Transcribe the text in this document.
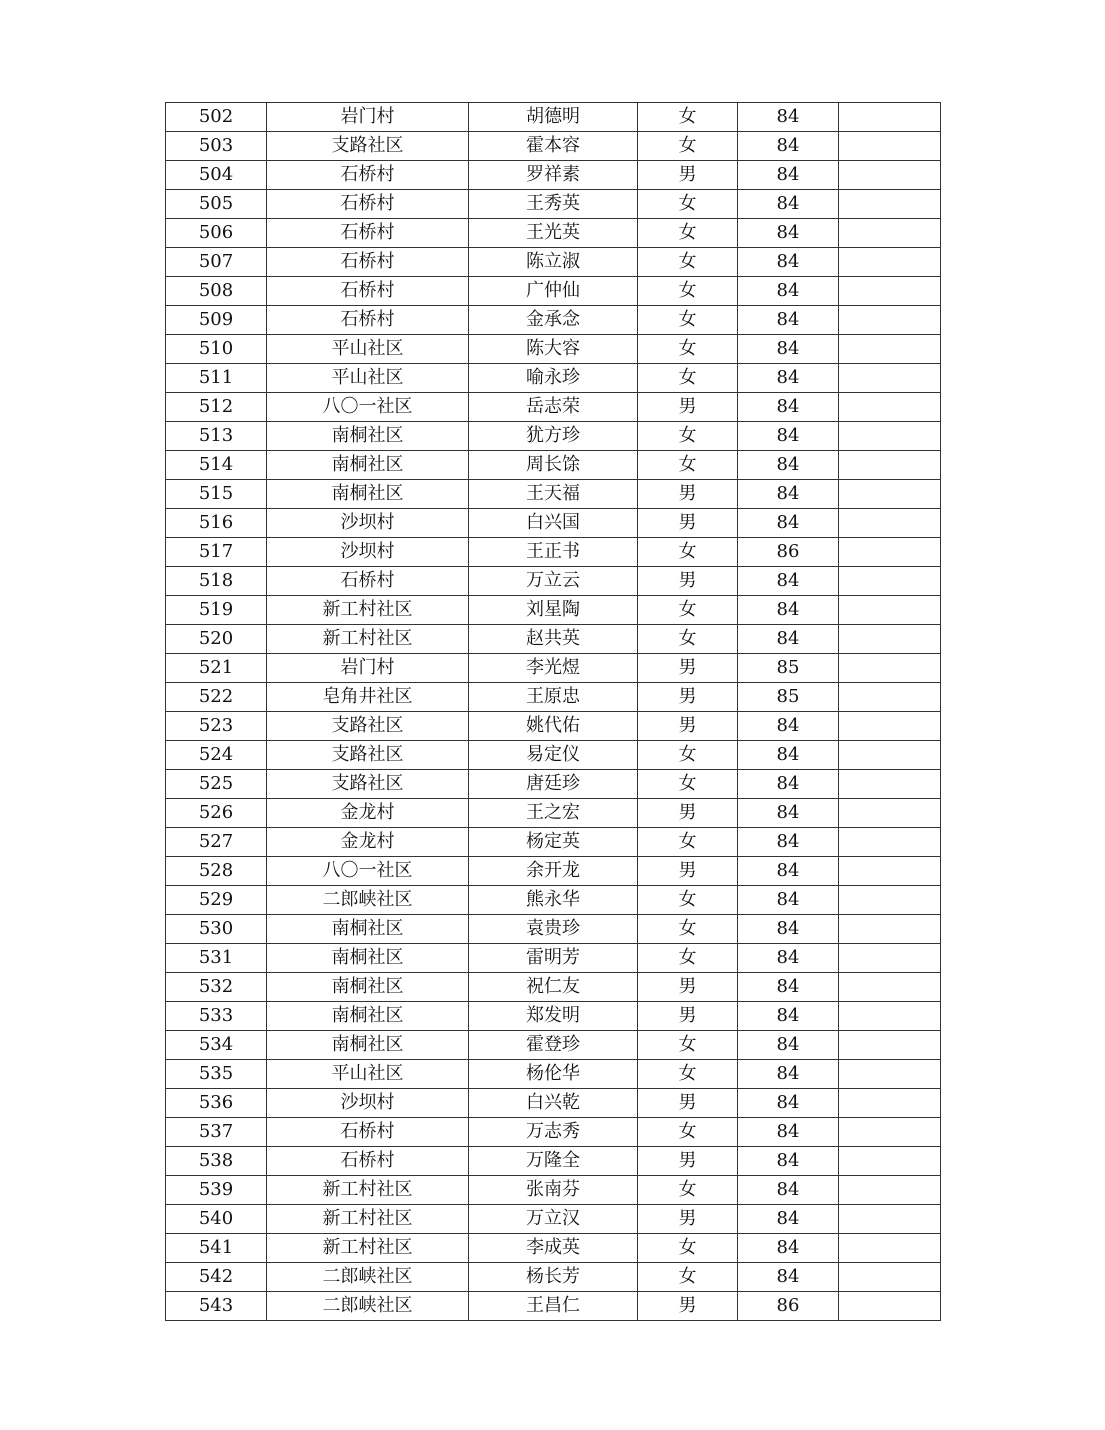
502	岩门村	胡德明	女	84	
503	支路社区	霍本容	女	84	
504	石桥村	罗祥素	男	84	
505	石桥村	王秀英	女	84	
506	石桥村	王光英	女	84	
507	石桥村	陈立淑	女	84	
508	石桥村	广仲仙	女	84	
509	石桥村	金承念	女	84	
510	平山社区	陈大容	女	84	
511	平山社区	喻永珍	女	84	
512	八〇一社区	岳志荣	男	84	
513	南桐社区	犹方珍	女	84	
514	南桐社区	周长馀	女	84	
515	南桐社区	王天福	男	84	
516	沙坝村	白兴国	男	84	
517	沙坝村	王正书	女	86	
518	石桥村	万立云	男	84	
519	新工村社区	刘星陶	女	84	
520	新工村社区	赵共英	女	84	
521	岩门村	李光煜	男	85	
522	皂角井社区	王原忠	男	85	
523	支路社区	姚代佑	男	84	
524	支路社区	易定仪	女	84	
525	支路社区	唐廷珍	女	84	
526	金龙村	王之宏	男	84	
527	金龙村	杨定英	女	84	
528	八〇一社区	余开龙	男	84	
529	二郎峡社区	熊永华	女	84	
530	南桐社区	袁贵珍	女	84	
531	南桐社区	雷明芳	女	84	
532	南桐社区	祝仁友	男	84	
533	南桐社区	郑发明	男	84	
534	南桐社区	霍登珍	女	84	
535	平山社区	杨伦华	女	84	
536	沙坝村	白兴乾	男	84	
537	石桥村	万志秀	女	84	
538	石桥村	万隆全	男	84	
539	新工村社区	张南芬	女	84	
540	新工村社区	万立汉	男	84	
541	新工村社区	李成英	女	84	
542	二郎峡社区	杨长芳	女	84	
543	二郎峡社区	王昌仁	男	86	
